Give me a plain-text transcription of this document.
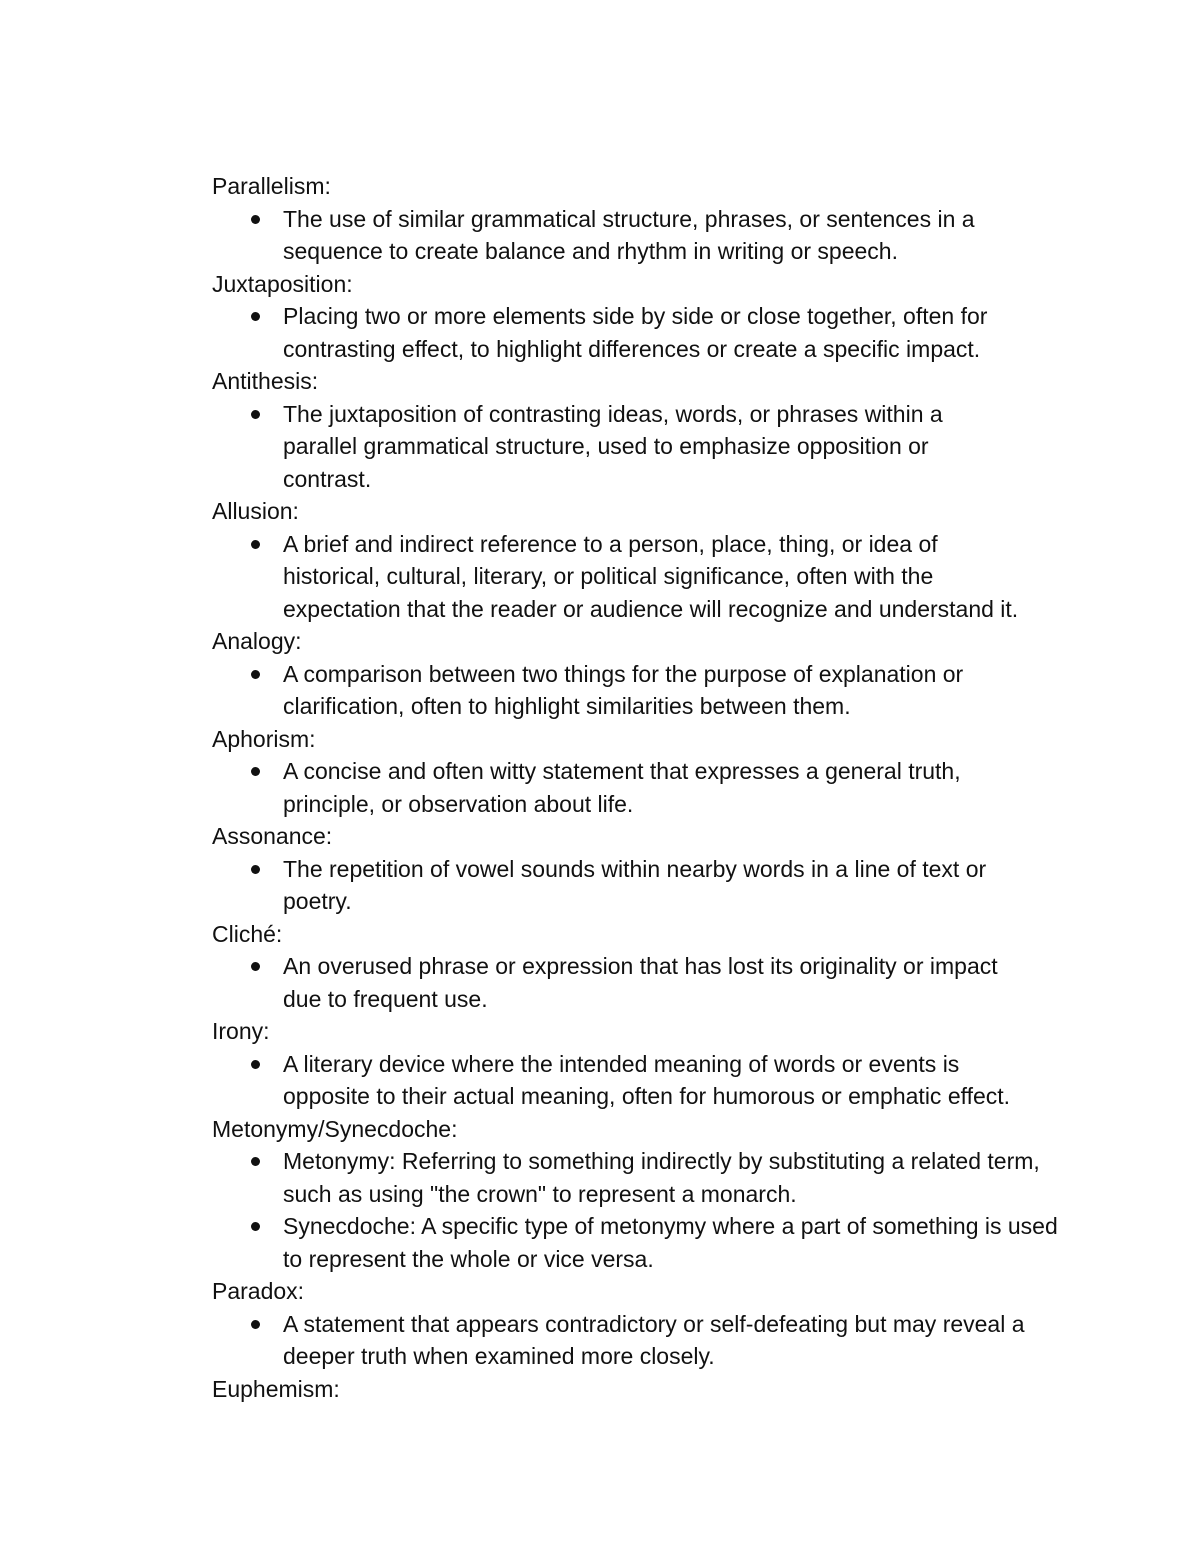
Parallelism:

The use of similar grammatical structure, phrases, or sentences in a sequence to create balance and rhythm in writing or speech.

Juxtaposition:

Placing two or more elements side by side or close together, often for contrasting effect, to highlight differences or create a specific impact.

Antithesis:

The juxtaposition of contrasting ideas, words, or phrases within a parallel grammatical structure, used to emphasize opposition or contrast.

Allusion:

A brief and indirect reference to a person, place, thing, or idea of historical, cultural, literary, or political significance, often with the expectation that the reader or audience will recognize and understand it.

Analogy:

A comparison between two things for the purpose of explanation or clarification, often to highlight similarities between them.

Aphorism:

A concise and often witty statement that expresses a general truth, principle, or observation about life.

Assonance:

The repetition of vowel sounds within nearby words in a line of text or poetry.

Cliché:

An overused phrase or expression that has lost its originality or impact due to frequent use.

Irony:

A literary device where the intended meaning of words or events is opposite to their actual meaning, often for humorous or emphatic effect.

Metonymy/Synecdoche:

Metonymy: Referring to something indirectly by substituting a related term, such as using "the crown" to represent a monarch.
Synecdoche: A specific type of metonymy where a part of something is used to represent the whole or vice versa.

Paradox:

A statement that appears contradictory or self-defeating but may reveal a deeper truth when examined more closely.

Euphemism:
